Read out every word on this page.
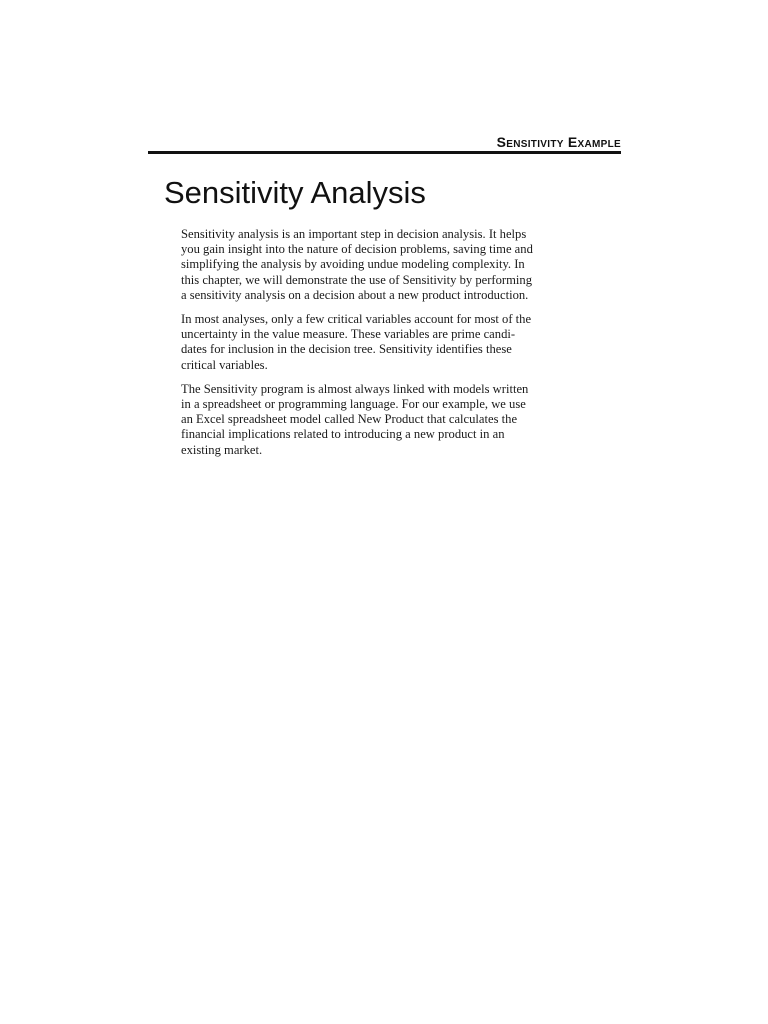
Sensitivity Example
Sensitivity Analysis

Sensitivity analysis is an important step in decision analysis. It helps
you gain insight into the nature of decision problems, saving time and
simplifying the analysis by avoiding undue modeling complexity. In
this chapter, we will demonstrate the use of Sensitivity by performing
a sensitivity analysis on a decision about a new product introduction.

In most analyses, only a few critical variables account for most of the
uncertainty in the value measure. These variables are prime candi-
dates for inclusion in the decision tree. Sensitivity identifies these
critical variables.

The Sensitivity program is almost always linked with models written
in a spreadsheet or programming language. For our example, we use
an Excel spreadsheet model called New Product that calculates the
financial implications related to introducing a new product in an
existing market.
